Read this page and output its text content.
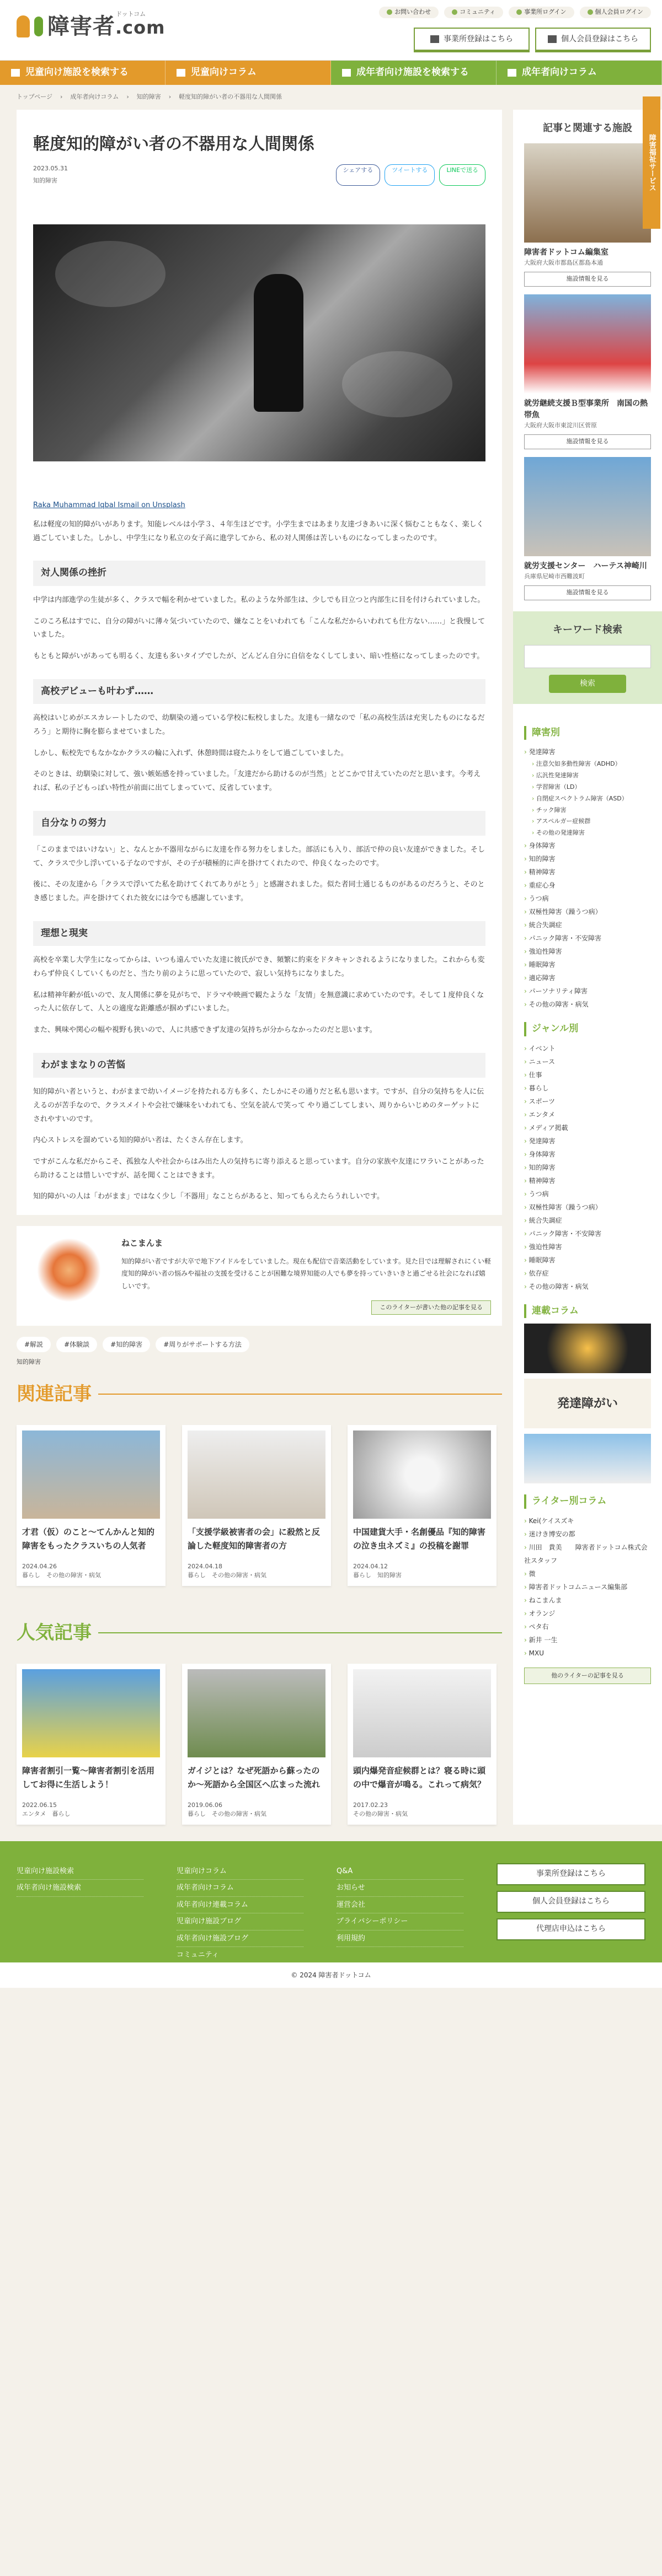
障害者.com
ドットコム	お問い合わせ	コミュニティ	事業所ログイン	個人会員ログイン
事業所登録はこちら	個人会員登録はこちら
児童向け施設を検索する	児童向けコラム	成年者向け施設を検索する	成年者向けコラム
トップページ › 成年者向けコラム › 知的障害 › 軽度知的障がい者の不器用な人間関係
障害福祉サービス
軽度知的障がい者の不器用な人間関係
2023.05.31
知的障害
シェアする	ツイートする	LINEで送る
Raka Muhammad Iqbal Ismail on Unsplash

私は軽度の知的障がいがあります。知能レベルは小学３、４年生ほどです。小学生まではあまり友達づきあいに深く悩むこともなく、楽しく過ごしていました。しかし、中学生になり私立の女子高に進学してから、私の対人関係は苦しいものになってしまったのです。

対人関係の挫折

中学は内部進学の生徒が多く、クラスで幅を利かせていました。私のような外部生は、少しでも目立つと内部生に目を付けられていました。

このころ私はすでに、自分の障がいに薄々気づいていたので、嫌なことをいわれても「こんな私だからいわれても仕方ない……」と我慢していました。

もともと障がいがあっても明るく、友達も多いタイプでしたが、どんどん自分に自信をなくしてしまい、暗い性格になってしまったのです。

高校デビューも叶わず……

高校はいじめがエスカレートしたので、幼馴染の通っている学校に転校しました。友達も一緒なので「私の高校生活は充実したものになるだろう」と期待に胸を膨らませていました。

しかし、転校先でもなかなかクラスの輪に入れず、休憩時間は寝たふりをして過ごしていました。

そのときは、幼馴染に対して、強い嫉妬感を持っていました。「友達だから助けるのが当然」とどこかで甘えていたのだと思います。今考えれば、私の子どもっぽい特性が前面に出てしまっていて、反省しています。

自分なりの努力

「このままではいけない」と、なんとか不器用ながらに友達を作る努力をしました。部活にも入り、部活で仲の良い友達ができました。そして、クラスで少し浮いている子なのですが、その子が積極的に声を掛けてくれたので、仲良くなったのです。

後に、その友達から「クラスで浮いてた私を助けてくれてありがとう」と感謝されました。似た者同士通じるものがあるのだろうと、そのとき感じました。声を掛けてくれた彼女には今でも感謝しています。

理想と現実

高校を卒業し大学生になってからは、いつも遠んでいた友達に彼氏ができ、頻繁に約束をドタキャンされるようになりました。これからも変わらず仲良くしていくものだと、当たり前のように思っていたので、寂しい気持ちになりました。

私は精神年齢が低いので、友人関係に夢を見がちで、ドラマや映画で観たような「友情」を無意識に求めていたのです。そして１度仲良くなった人に依存して、人との適度な距離感が掴めずにいました。

また、興味や関心の幅や視野も狭いので、人に共感できず友達の気持ちが分からなかったのだと思います。

わがままなりの苦悩

知的障がい者というと、わがままで幼いイメージを持たれる方も多く、たしかにその通りだと私も思います。ですが、自分の気持ちを人に伝えるのが苦手なので、クラスメイトや会社で嫌味をいわれても、空気を読んで笑って やり過ごしてしまい、周りからいじめのターゲットにされやすいのです。

内心ストレスを溜めている知的障がい者は、たくさん存在します。

ですがこんな私だからこそ、孤独な人や社会からはみ出た人の気持ちに寄り添えると思っています。自分の家族や友達にワラいことがあったら助けることは惜しいですが、話を聞くことはできます。

知的障がいの人は「わがまま」ではなく少し「不器用」なことらがあると、知ってもらえたらうれしいです。

ねこまんま
知的障がい者ですが大卒で地下アイドルをしていました。現在も配信で音楽活動をしています。見た目では理解されにくい軽度知的障がい者の悩みや福祉の支援を受けることが困難な境界知能の人でも夢を持っていきいきと過ごせる社会になれば嬉しいです。
このライターが書いた他の記事を見る
#解説	#体験談	#知的障害	#周りがサポートする方法
知的障害
関連記事
才君（仮）のこと〜てんかんと知的障害をもったクラスいちの人気者
2024.04.26
暮らし　その他の障害・病気
「支援学級被害者の会」に殺然と反論した軽度知的障害者の方
2024.04.18
暮らし　その他の障害・病気
中国建貨大手・名創優品『知的障害の泣き虫ネズミ』の投稿を謝罪
2024.04.12
暮らし　知的障害
人気記事
障害者割引一覧〜障害者割引を活用してお得に生活しよう！
2022.06.15
エンタメ　暮らし
ガイジとは？なぜ死語から蘇ったのか〜死語から全国区へ広まった流れ
2019.06.06
暮らし　その他の障害・病気
頭内爆発音症候群とは？寝る時に頭の中で爆音が鳴る。これって病気？
2017.02.23
その他の障害・病気
記事と関連する施設
障害者ドットコム編集室
大阪府大阪市都島区都島本通
施設情報を見る
就労継続支援Ｂ型事業所　南国の熱帯魚
大阪府大阪市東淀川区菅原
施設情報を見る
就労支援センター　ハーテス神崎川
兵庫県尼崎市西難波町
施設情報を見る
キーワード検索
検索
障害別
› 発達障害
› 注意欠如多動性障害（ADHD）
› 広汎性発達障害
› 学習障害（LD）
› 自閉症スペクトラム障害（ASD）
› チック障害
› アスペルガー症候群
› その他の発達障害
› 身体障害
› 知的障害
› 精神障害
› 重症心身
› うつ病
› 双極性障害（躁うつ病）
› 統合失調症
› パニック障害・不安障害
› 強迫性障害
› 睡眠障害
› 適応障害
› パーソナリティ障害
› その他の障害・病気
ジャンル別
› イベント
› ニュース
› 仕事
› 暮らし
› スポーツ
› エンタメ
› メディア掲載
› 発達障害
› 身体障害
› 知的障害
› 精神障害
› うつ病
› 双極性障害（躁うつ病）
› 統合失調症
› パニック障害・不安障害
› 強迫性障害
› 睡眠障害
› 依存症
› その他の障害・病気
連載コラム
発達障がい
ライター別コラム
› Kei(ケイスズキ
› 迷けき博安の都
› 川田　貴美　　障害者ドットコム株式会社スタッフ
› 微
› 障害者ドットコムニュース編集部
› ねこまんま
› オランジ
› ペタ右
› 新井 一生
› MXU
他のライターの記事を見る
児童向け施設検索
成年者向け施設検索
児童向けコラム
成年者向けコラム
成年者向け連載コラム
児童向け施設ブログ
成年者向け施設ブログ
コミュニティ
Q&A
お知らせ
運営会社
プライバシーポリシー
利用規約
事業所登録はこちら
個人会員登録はこちら
代理店申込はこちら
© 2024 障害者ドットコム
